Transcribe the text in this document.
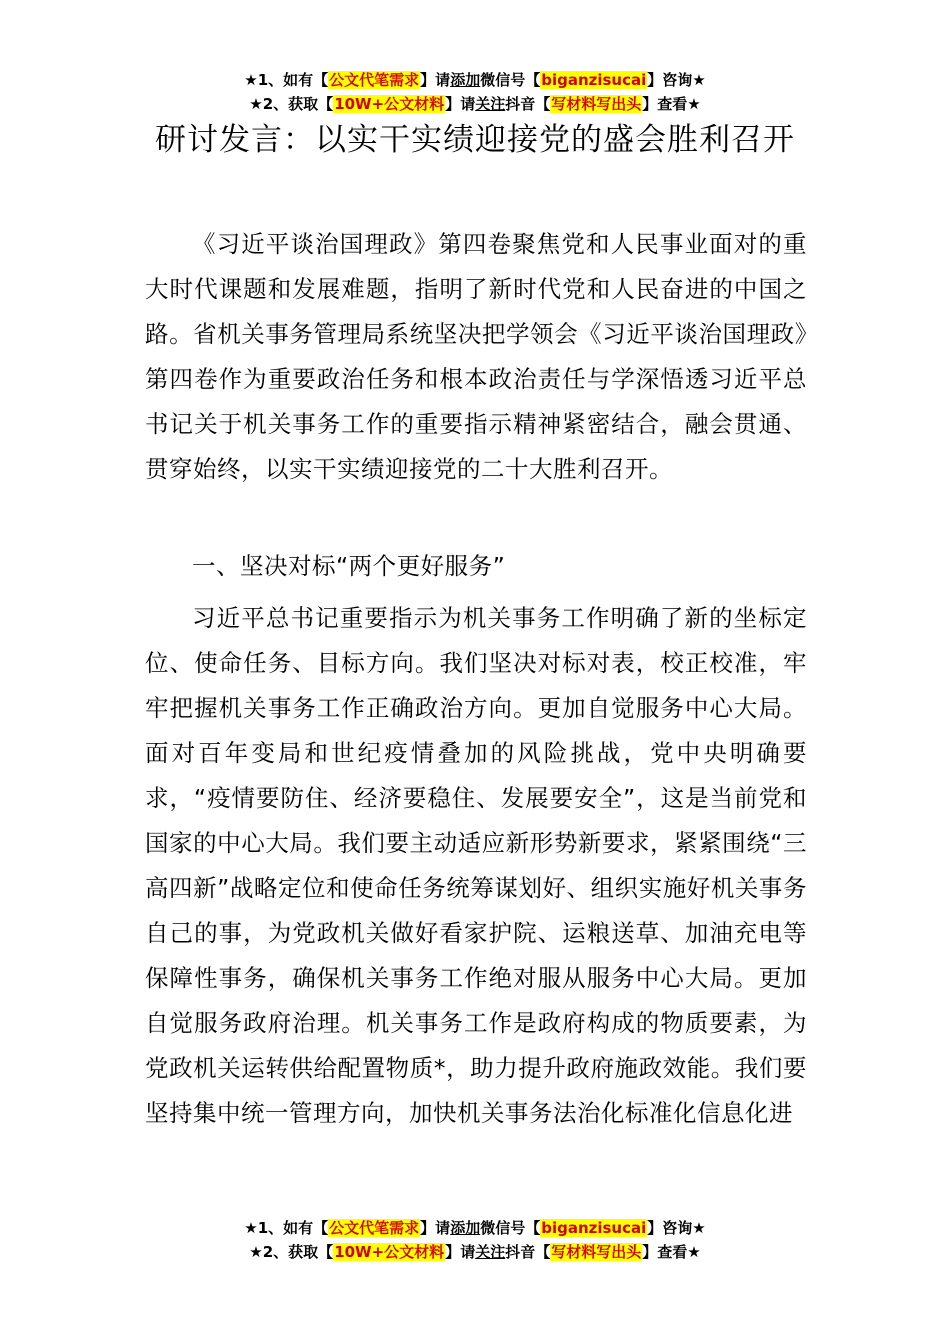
★1、如有【公文代笔需求】请添加微信号【biganzisucai】咨询★
★2、获取【10W+公文材料】请关注抖音【写材料写出头】查看★
研讨发言：以实干实绩迎接党的盛会胜利召开

《习近平谈治国理政》第四卷聚焦党和人民事业面对的重大时代课题和发展难题，指明了新时代党和人民奋进的中国之路。省机关事务管理局系统坚决把学领会《习近平谈治国理政》第四卷作为重要政治任务和根本政治责任与学深悟透习近平总书记关于机关事务工作的重要指示精神紧密结合，融会贯通、贯穿始终，以实干实绩迎接党的二十大胜利召开。

一、坚决对标“两个更好服务”

习近平总书记重要指示为机关事务工作明确了新的坐标定位、使命任务、目标方向。我们坚决对标对表，校正校准，牢牢把握机关事务工作正确政治方向。更加自觉服务中心大局。面对百年变局和世纪疫情叠加的风险挑战，党中央明确要求，“疫情要防住、经济要稳住、发展要安全”，这是当前党和国家的中心大局。我们要主动适应新形势新要求，紧紧围绕“三高四新”战略定位和使命任务统筹谋划好、组织实施好机关事务自己的事，为党政机关做好看家护院、运粮送草、加油充电等保障性事务，确保机关事务工作绝对服从服务中心大局。更加自觉服务政府治理。机关事务工作是政府构成的物质要素，为党政机关运转供给配置物质*，助力提升政府施政效能。我们要坚持集中统一管理方向，加快机关事务法治化标准化信息化进

★1、如有【公文代笔需求】请添加微信号【biganzisucai】咨询★
★2、获取【10W+公文材料】请关注抖音【写材料写出头】查看★
